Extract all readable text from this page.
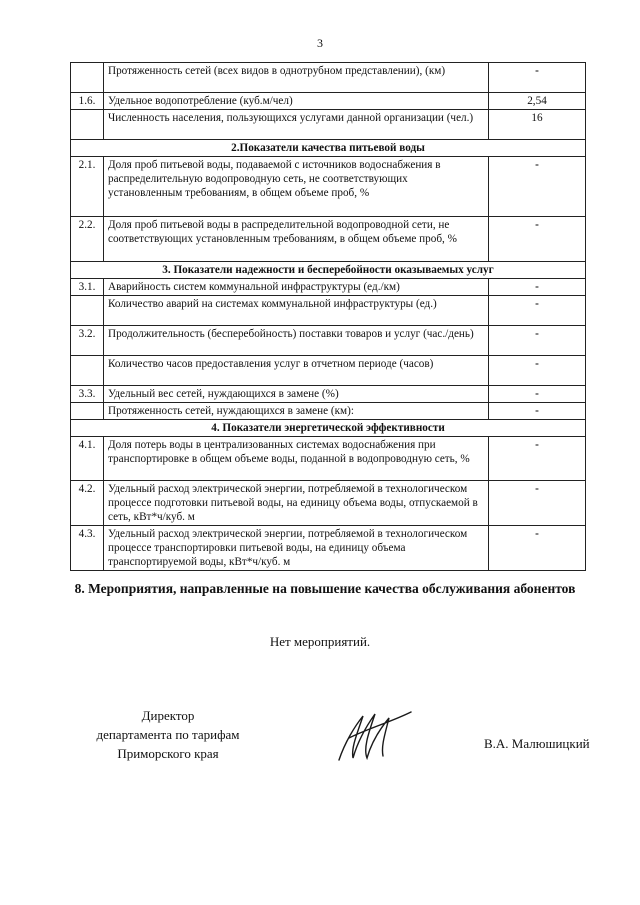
3
	Протяженность сетей (всех видов в однотрубном представлении), (км)	-
1.6.	Удельное водопотребление (куб.м/чел)	2,54
	Численность населения, пользующихся услугами данной организации (чел.)	16
2.Показатели качества питьевой воды		
2.1.	Доля проб питьевой воды, подаваемой с источников водоснабжения в распределительную водопроводную сеть, не соответствующих установленным требованиям, в общем объеме проб, %	-
2.2.	Доля проб питьевой воды в распределительной водопроводной сети, не соответствующих установленным требованиям, в общем объеме проб, %	-
3. Показатели надежности и бесперебойности оказываемых услуг		
3.1.	Аварийность систем коммунальной инфраструктуры (ед./км)	-
	Количество аварий на системах коммунальной инфраструктуры (ед.)	-
3.2.	Продолжительность (бесперебойность) поставки товаров и услуг (час./день)	-
	Количество часов предоставления услуг в отчетном периоде (часов)	-
3.3.	Удельный вес сетей, нуждающихся в замене (%)	-
	Протяженность сетей, нуждающихся в замене (км):	-
4. Показатели энергетической эффективности		
4.1.	Доля потерь воды в централизованных системах водоснабжения при транспортировке в общем объеме воды, поданной в водопроводную сеть, %	-
4.2.	Удельный расход электрической энергии, потребляемой в технологическом процессе подготовки питьевой воды, на единицу объема воды, отпускаемой в сеть, кВт*ч/куб. м	-
4.3.	Удельный расход электрической энергии, потребляемой в технологическом процессе транспортировки питьевой воды, на единицу объема транспортируемой воды, кВт*ч/куб. м	-
8. Мероприятия, направленные на повышение качества обслуживания абонентов
Нет мероприятий.
Директор
департамента по тарифам
Приморского края
В.А. Малюшицкий
